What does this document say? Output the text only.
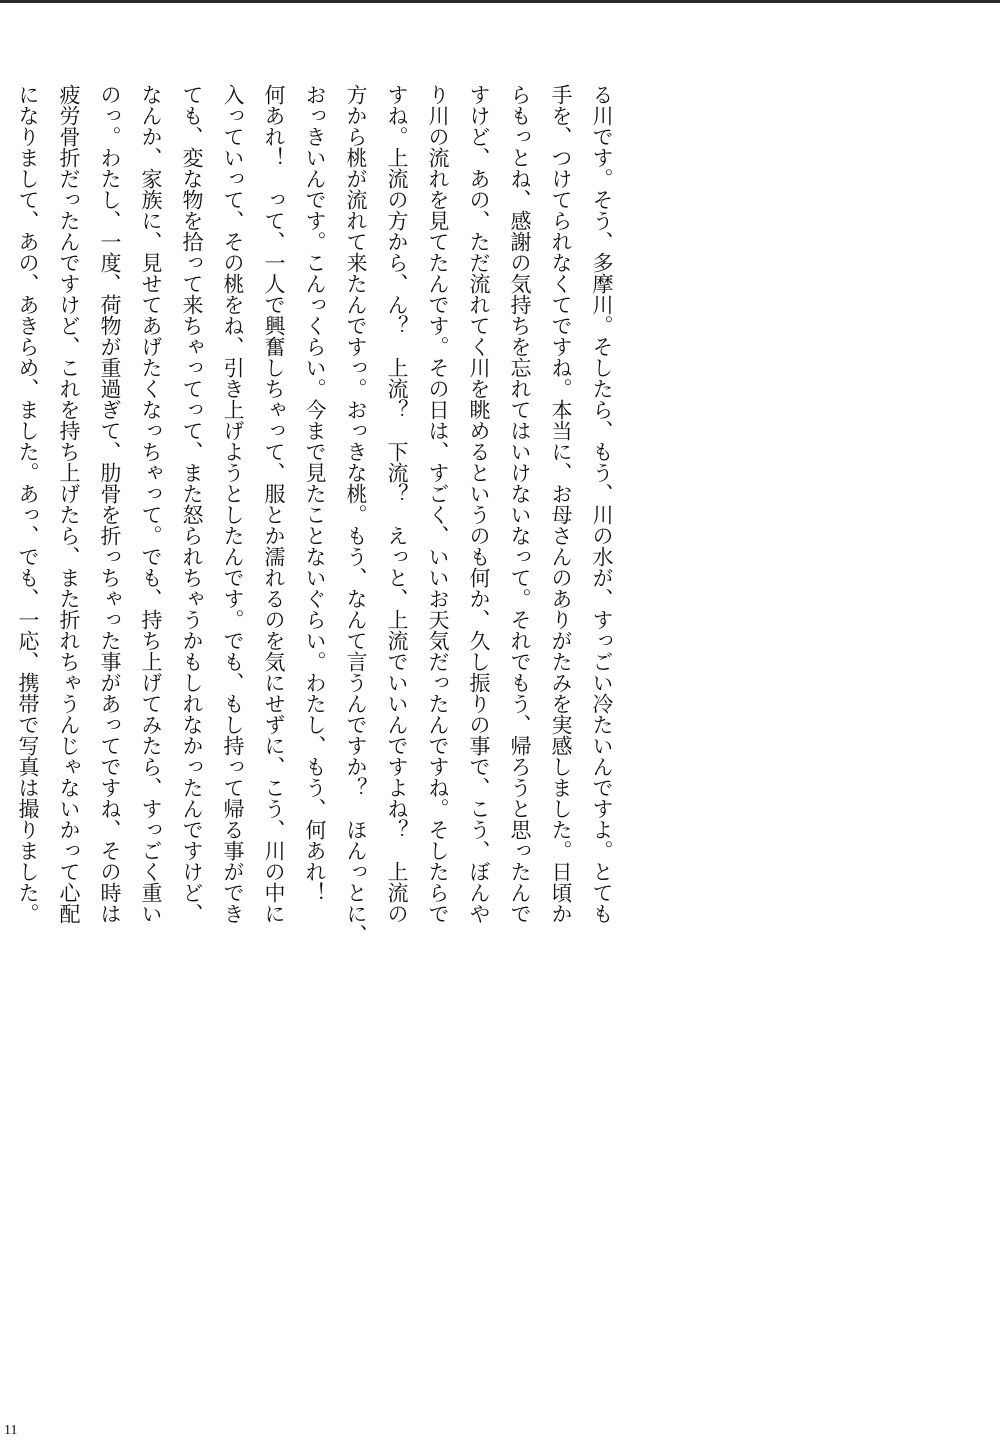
る川です。そう、多摩川。そしたら、もう、川の水が、すっごい冷たいんですよ。とても

手を、つけてられなくてですね。本当に、お母さんのありがたみを実感しました。日頃か

らもっとね、感謝の気持ちを忘れてはいけないなって。それでもう、帰ろうと思ったんで

すけど、あの、ただ流れてく川を眺めるというのも何か、久し振りの事で、こう、ぼんや

り川の流れを見てたんです。その日は、すごく、いいお天気だったんですね。そしたらで

すね。上流の方から、ん？　上流？　下流？　えっと、上流でいいんですよね？　上流の

方から桃が流れて来たんですっ。おっきな桃。もう、なんて言うんですか？　ほんっとに、

おっきいんです。こんっくらい。今まで見たことないぐらい。わたし、もう、何あれ！

何あれ！　って、一人で興奮しちゃって、服とか濡れるのを気にせずに、こう、川の中に

入っていって、その桃をね、引き上げようとしたんです。でも、もし持って帰る事ができ

ても、変な物を拾って来ちゃってって、また怒られちゃうかもしれなかったんですけど、

なんか、家族に、見せてあげたくなっちゃって。でも、持ち上げてみたら、すっごく重い

のっ。わたし、一度、荷物が重過ぎて、肋骨を折っちゃった事があってですね、その時は

疲労骨折だったんですけど、これを持ち上げたら、また折れちゃうんじゃないかって心配

になりまして、あの、あきらめ、ました。あっ、でも、一応、携帯で写真は撮りました。

11
